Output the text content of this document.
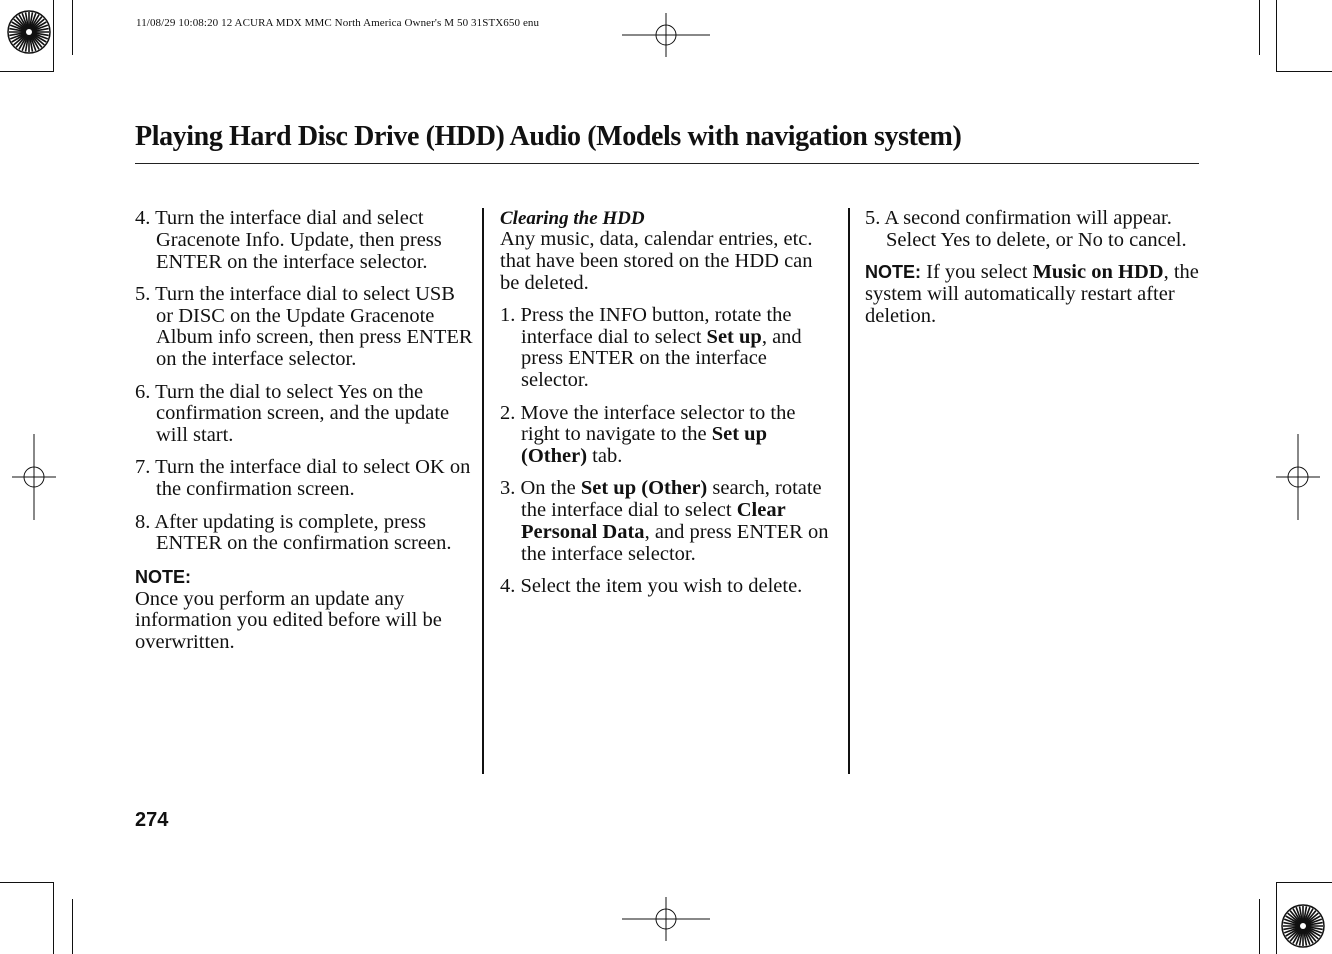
11/08/29 10:08:20 12 ACURA MDX MMC North America Owner's M 50 31STX650 enu
Playing Hard Disc Drive (HDD) Audio (Models with navigation system)

4. Turn the interface dial and select Gracenote Info. Update, then press ENTER on the interface selector.

5. Turn the interface dial to select USB or DISC on the Update Gracenote Album info screen, then press ENTER on the interface selector.

6. Turn the dial to select Yes on the confirmation screen, and the update will start.

7. Turn the interface dial to select OK on the confirmation screen.

8. After updating is complete, press ENTER on the confirmation screen.

NOTE:

Once you perform an update any information you edited before will be overwritten.

Clearing the HDD

Any music, data, calendar entries, etc. that have been stored on the HDD can be deleted.

1. Press the INFO button, rotate the interface dial to select Set up, and press ENTER on the interface selector.

2. Move the interface selector to the right to navigate to the Set up (Other) tab.

3. On the Set up (Other) search, rotate the interface dial to select Clear Personal Data, and press ENTER on the interface selector.

4. Select the item you wish to delete.

5. A second confirmation will appear. Select Yes to delete, or No to cancel.

NOTE: If you select Music on HDD, the system will automatically restart after deletion.

274
